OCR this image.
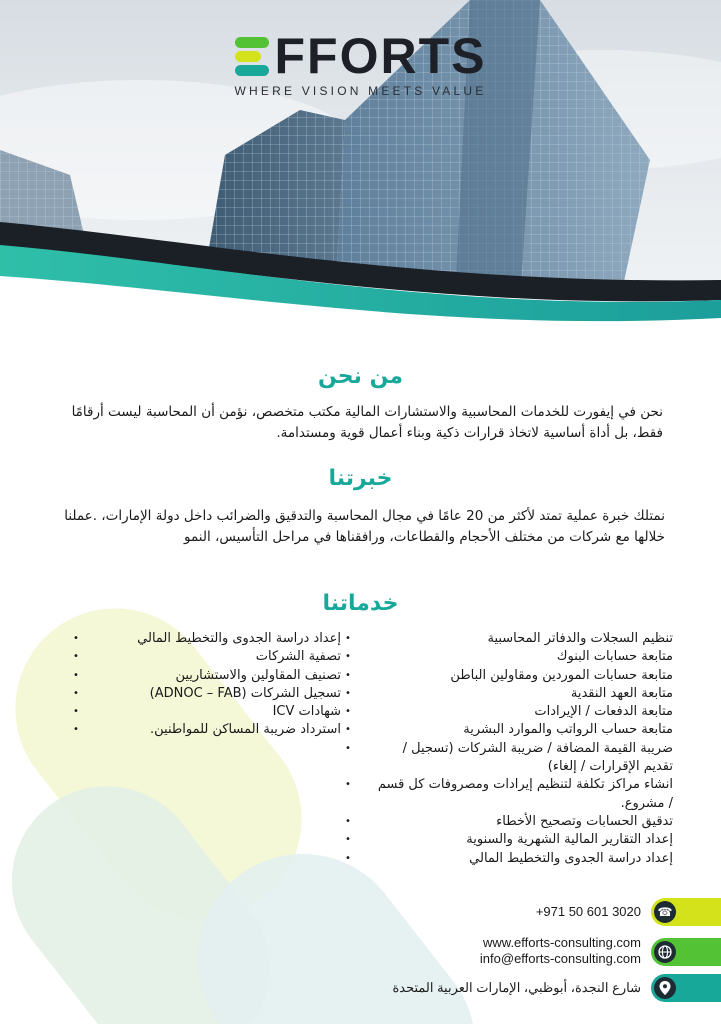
FFORTS
WHERE VISION MEETS VALUE
من نحن
نحن في إيفورت للخدمات المحاسبية والاستشارات المالية مكتب متخصص، نؤمن أن المحاسبة ليست أرقامًا فقط، بل أداة أساسية لاتخاذ قرارات ذكية وبناء أعمال قوية ومستدامة.
خبرتنا
نمتلك خبرة عملية تمتد لأكثر من 20 عامًا في مجال المحاسبة والتدقيق والضرائب داخل دولة الإمارات، .عملنا خلالها مع شركات من مختلف الأحجام والقطاعات، ورافقناها في مراحل التأسيس، النمو
خدماتنا
•	تنظيم السجلات والدفاتر المحاسبية
•	متابعة حسابات البنوك
•	متابعة حسابات الموردين ومقاولين الباطن
•	متابعة العهد النقدية
•	متابعة الدفعات / الإيرادات
•	متابعة حساب الرواتب والموارد البشرية
•	ضريبة القيمة المضافة / ضريبة الشركات (تسجيل / تقديم الإقرارات / إلغاء)
• انشاء مراكز تكلفة لتنظيم إيرادات ومصروفات كل قسم / مشروع.
•	تدقيق الحسابات وتصحيح الأخطاء
•	إعداد التقارير المالية الشهرية والسنوية
•	إعداد دراسة الجدوى والتخطيط المالي
•	إعداد دراسة الجدوى والتخطيط المالي
•	تصفية الشركات
•	تصنيف المقاولين والاستشاريين
•	تسجيل الشركات (ADNOC – FAB)
•	شهادات ICV
•	استرداد ضريبة المساكن للمواطنين.
☎
+971 50 601 3020
www.efforts-consulting.com
info@efforts-consulting.com
شارع النجدة، أبوظبي، الإمارات العربية المتحدة
